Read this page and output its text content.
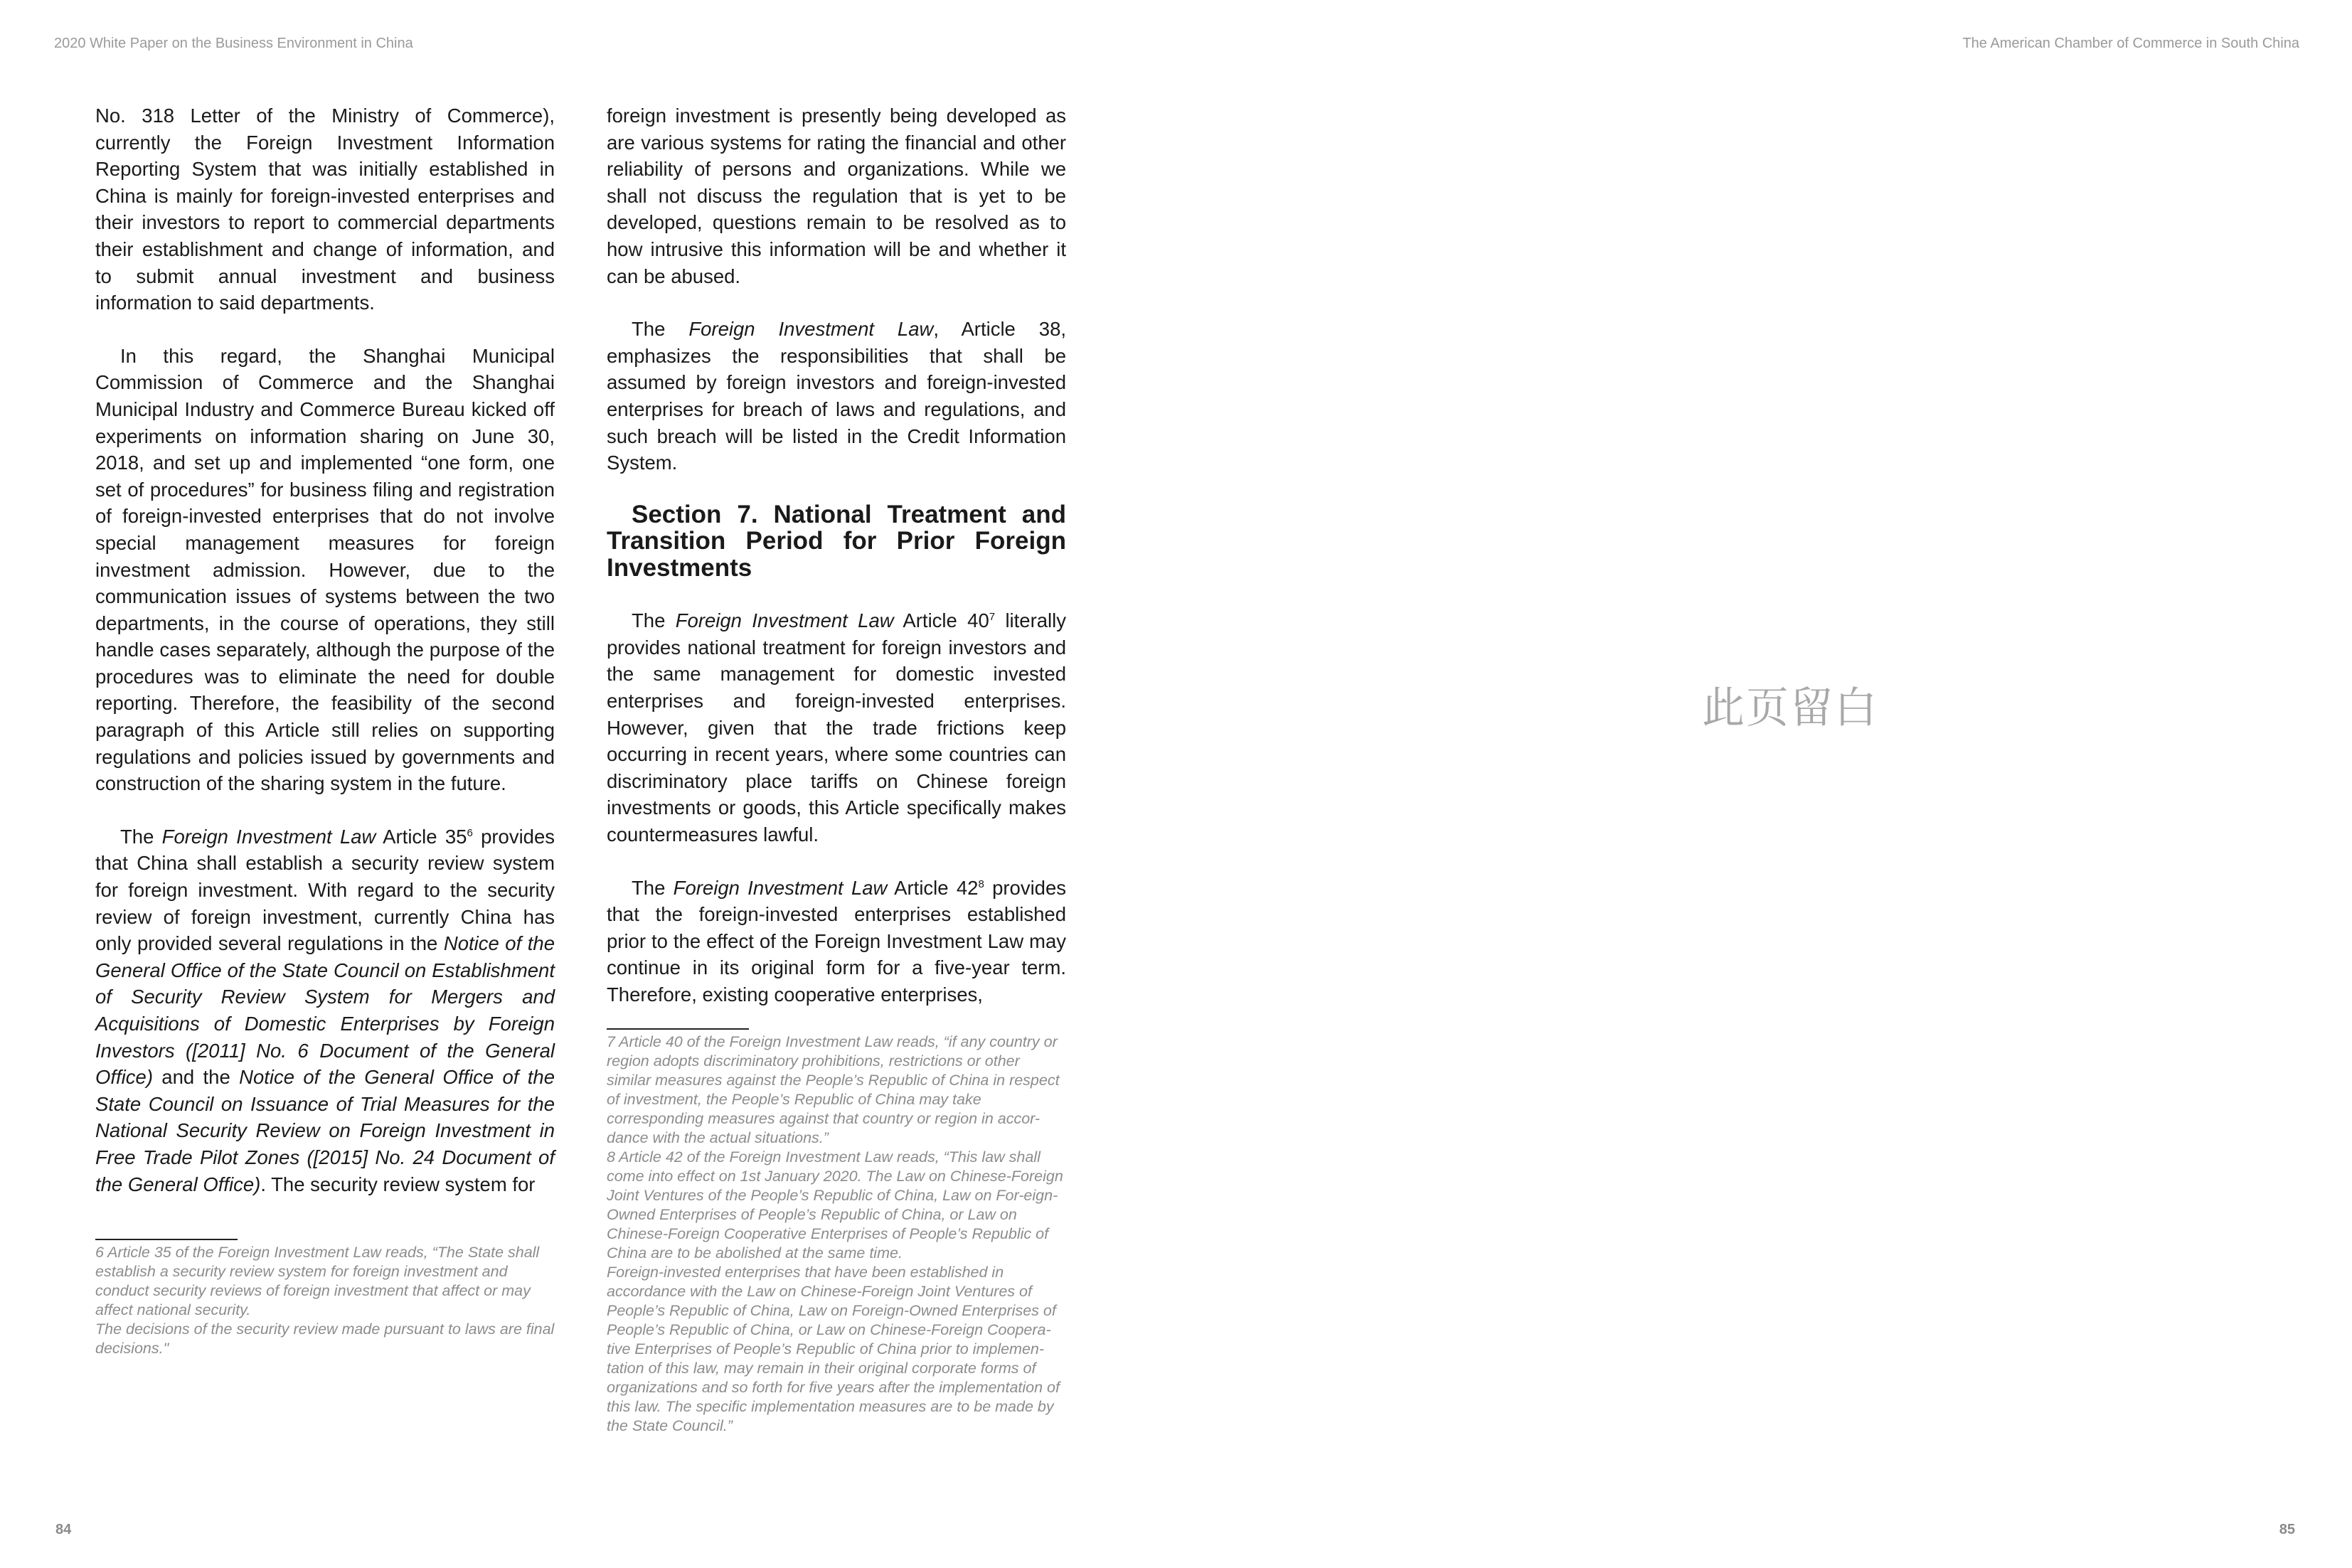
2020 White Paper on the Business Environment in China	The American Chamber of Commerce in South China

No. 318 Letter of the Ministry of Commerce), currently the Foreign Investment Information Reporting System that was initially established in China is mainly for foreign-invested enterprises and their investors to report to commercial departments their establishment and change of information, and to submit annual investment and business information to said departments.

In this regard, the Shanghai Municipal Commission of Commerce and the Shanghai Municipal Industry and Commerce Bureau kicked off experiments on information sharing on June 30, 2018, and set up and implemented “one form, one set of procedures” for business filing and registration of foreign-invested enterprises that do not involve special management measures for foreign investment admission. However, due to the communication issues of systems between the two departments, in the course of operations, they still handle cases separately, although the purpose of the procedures was to eliminate the need for double reporting. Therefore, the feasibility of the second paragraph of this Article still relies on supporting regulations and policies issued by governments and construction of the sharing system in the future.

The Foreign Investment Law Article $35^6$ provides that China shall establish a security review system for foreign investment. With regard to the security review of foreign investment, currently China has only provided several regulations in the Notice of the General Office of the State Council on Establishment of Security Review System for Mergers and Acquisitions of Domestic Enterprises by Foreign Investors ([2011] No. 6 Document of the General Office) and the Notice of the General Office of the State Council on Issuance of Trial Measures for the National Security Review on Foreign Investment in Free Trade Pilot Zones ([2015] No. 24 Document of the General Office). The security review system for

6 Article 35 of the Foreign Investment Law reads, “The State shall establish a security review system for foreign investment and conduct security reviews of foreign investment that affect or may affect national security.

The decisions of the security review made pursuant to laws are final decisions."

foreign investment is presently being developed as are various systems for rating the financial and other reliability of persons and organizations. While we shall not discuss the regulation that is yet to be developed, questions remain to be resolved as to how intrusive this information will be and whether it can be abused.

The Foreign Investment Law, Article 38, emphasizes the responsibilities that shall be assumed by foreign investors and foreign-invested enterprises for breach of laws and regulations, and such breach will be listed in the Credit Information System.

Section 7. National Treatment and Transition Period for Prior Foreign Investments

The Foreign Investment Law Article $40^7$ literally provides national treatment for foreign investors and the same management for domestic invested enterprises and foreign-invested enterprises. However, given that the trade frictions keep occurring in recent years, where some countries can discriminatory place tariffs on Chinese foreign investments or goods, this Article specifically makes countermeasures lawful.

The Foreign Investment Law Article $42^8$ provides that the foreign-invested enterprises established prior to the effect of the Foreign Investment Law may continue in its original form for a five-year term. Therefore, existing cooperative enterprises,

7 Article 40 of the Foreign Investment Law reads, “if any country or region adopts discriminatory prohibitions, restrictions or other similar measures against the People’s Republic of China in respect of investment, the People’s Republic of China may take corresponding measures against that country or region in accor-dance with the actual situations.”

8 Article 42 of the Foreign Investment Law reads, “This law shall come into effect on 1st January 2020. The Law on Chinese-Foreign Joint Ventures of the People’s Republic of China, Law on For-eign-Owned Enterprises of People’s Republic of China, or Law on Chinese-Foreign Cooperative Enterprises of People’s Republic of China are to be abolished at the same time.

Foreign-invested enterprises that have been established in accordance with the Law on Chinese-Foreign Joint Ventures of People’s Republic of China, Law on Foreign-Owned Enterprises of People’s Republic of China, or Law on Chinese-Foreign Coopera-tive Enterprises of People’s Republic of China prior to implemen-tation of this law, may remain in their original corporate forms of organizations and so forth for five years after the implementation of this law. The specific implementation measures are to be made by the State Council.”

此页留白
84	85
